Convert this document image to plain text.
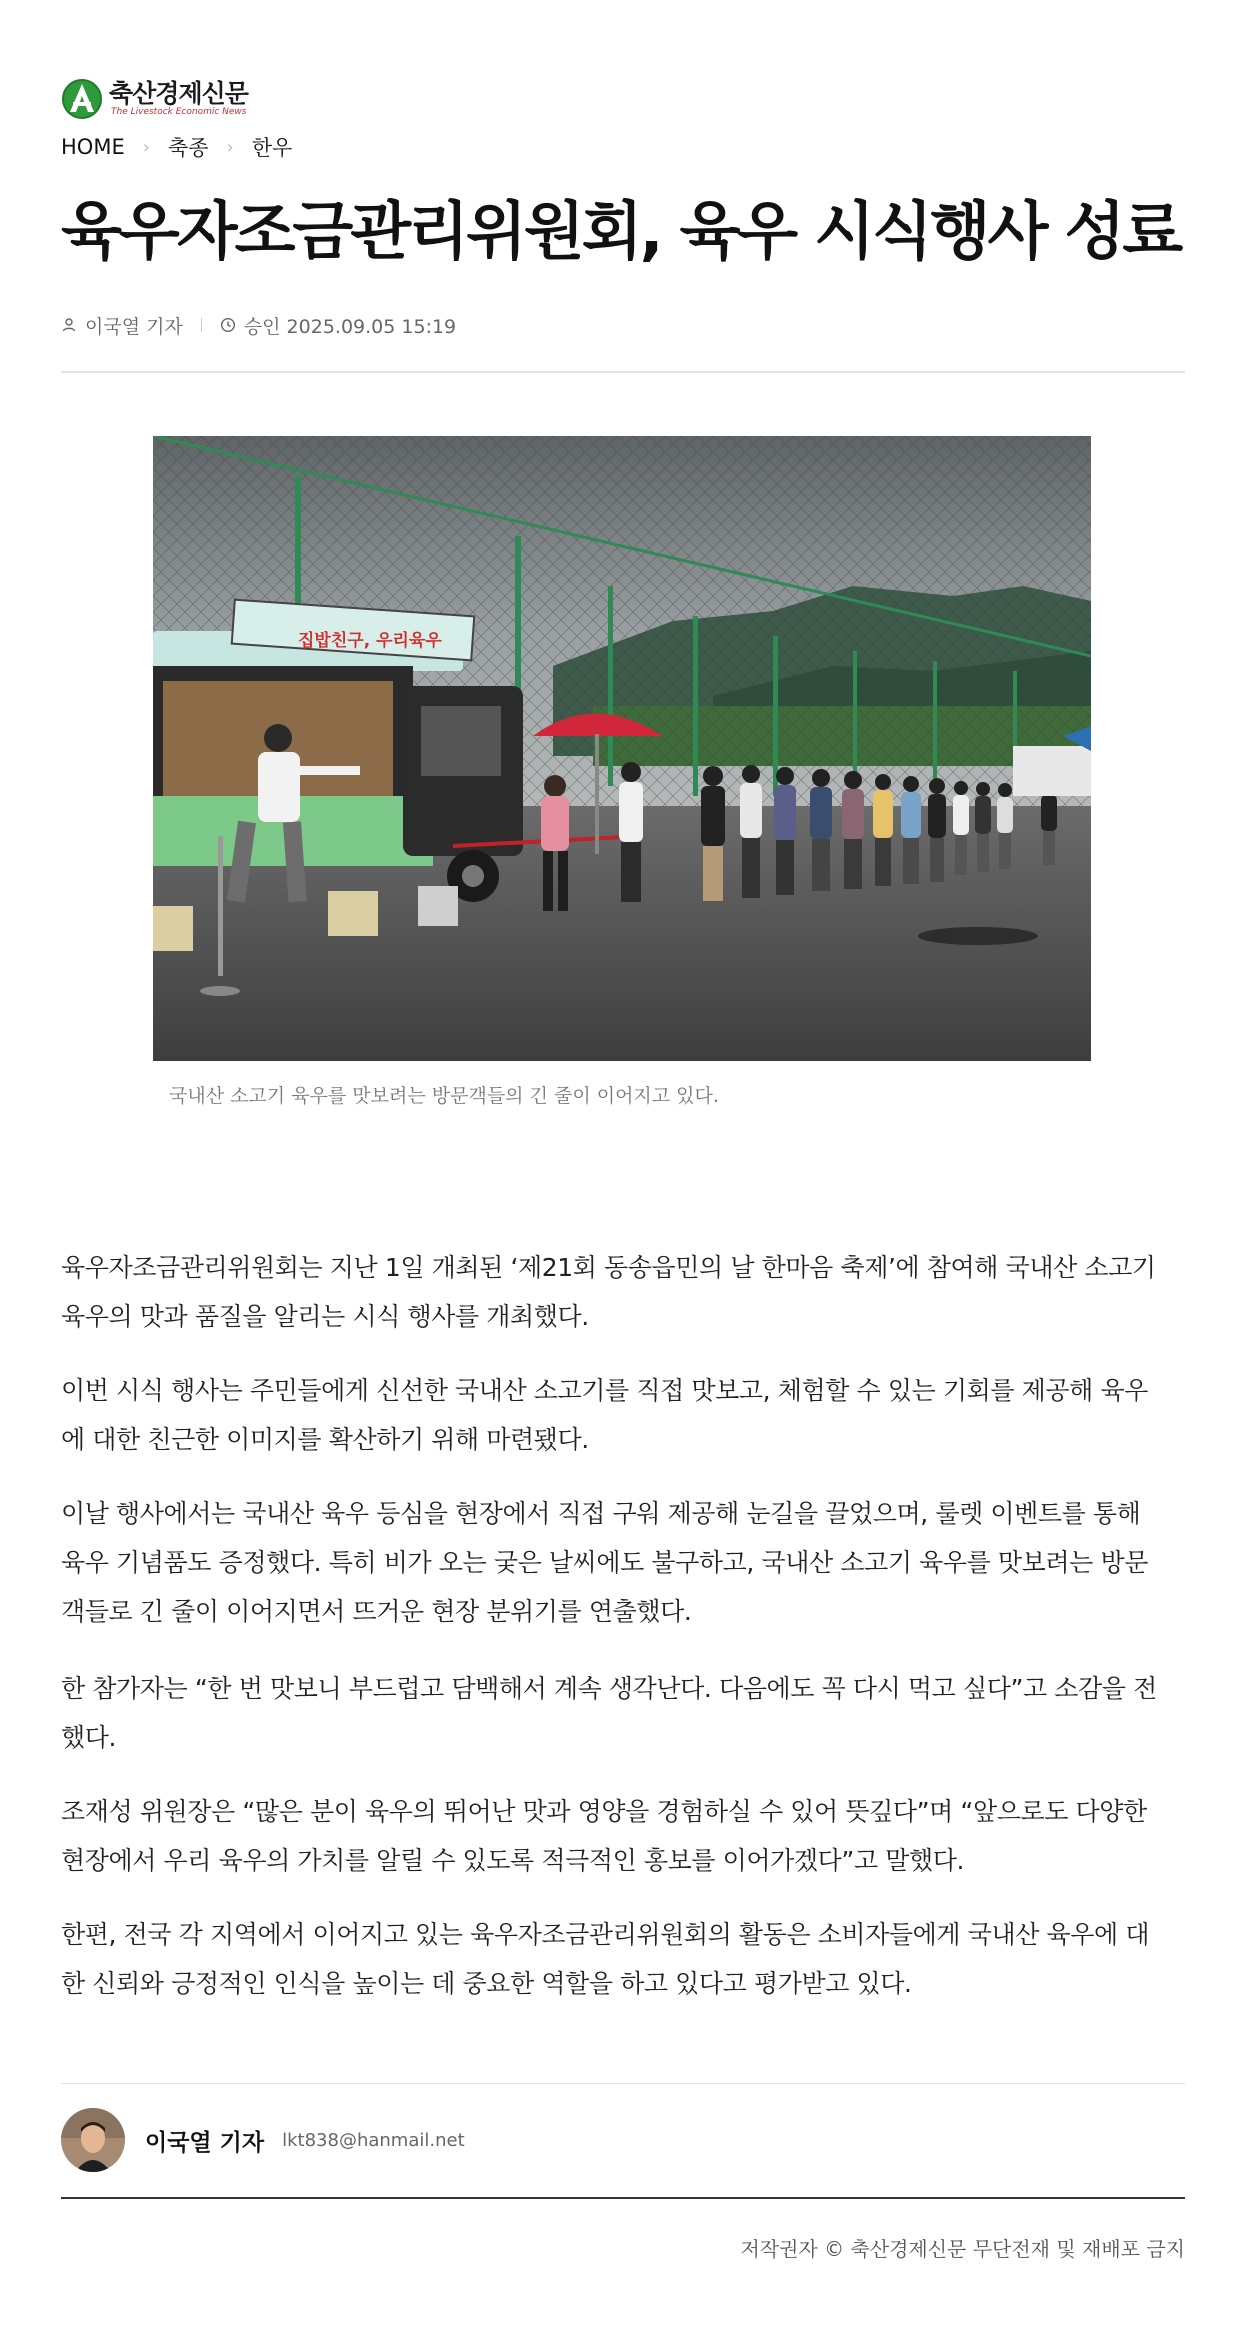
축산경제신문
The Livestock Economic News
HOME › 축종 › 한우
육우자조금관리위원회, 육우 시식행사 성료
이국열 기자	승인 2025.09.05 15:19
집밥친구, 우리육우

국내산 소고기 육우를 맛보려는 방문객들의 긴 줄이 이어지고 있다.

육우자조금관리위원회는 지난 1일 개최된 ‘제21회 동송읍민의 날 한마음 축제’에 참여해 국내산 소고기
육우의 맛과 품질을 알리는 시식 행사를 개최했다.

이번 시식 행사는 주민들에게 신선한 국내산 소고기를 직접 맛보고, 체험할 수 있는 기회를 제공해 육우
에 대한 친근한 이미지를 확산하기 위해 마련됐다.

이날 행사에서는 국내산 육우 등심을 현장에서 직접 구워 제공해 눈길을 끌었으며, 룰렛 이벤트를 통해
육우 기념품도 증정했다. 특히 비가 오는 궂은 날씨에도 불구하고, 국내산 소고기 육우를 맛보려는 방문
객들로 긴 줄이 이어지면서 뜨거운 현장 분위기를 연출했다.

한 참가자는 “한 번 맛보니 부드럽고 담백해서 계속 생각난다. 다음에도 꼭 다시 먹고 싶다”고 소감을 전
했다.

조재성 위원장은 “많은 분이 육우의 뛰어난 맛과 영양을 경험하실 수 있어 뜻깊다”며 “앞으로도 다양한
현장에서 우리 육우의 가치를 알릴 수 있도록 적극적인 홍보를 이어가겠다”고 말했다.

한편, 전국 각 지역에서 이어지고 있는 육우자조금관리위원회의 활동은 소비자들에게 국내산 육우에 대
한 신뢰와 긍정적인 인식을 높이는 데 중요한 역할을 하고 있다고 평가받고 있다.

이국열 기자 lkt838@hanmail.net

저작권자 © 축산경제신문 무단전재 및 재배포 금지
